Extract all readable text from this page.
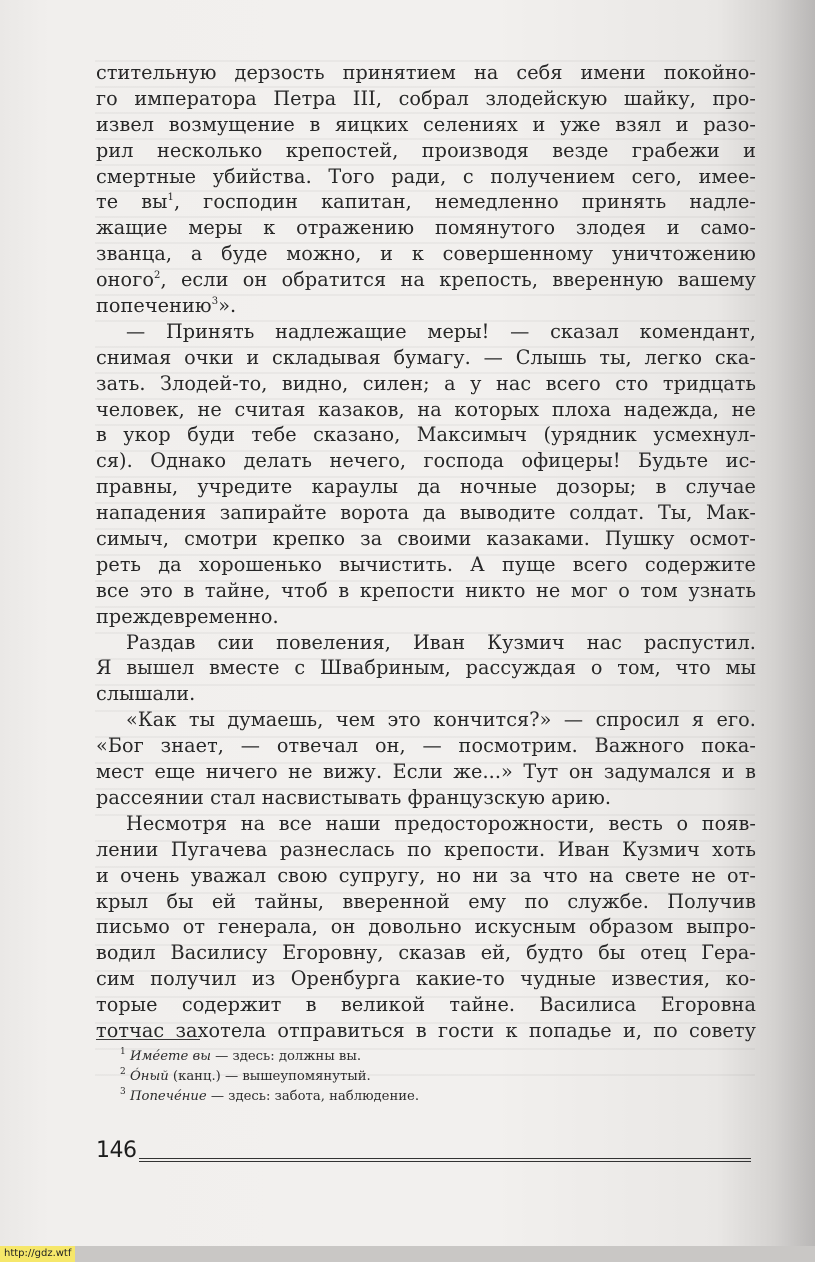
стительную дерзость принятием на себя имени покойно-
го императора Петра III, собрал злодейскую шайку, про-
извел возмущение в яицких селениях и уже взял и разо-
рил несколько крепостей, производя везде грабежи и
смертные убийства. Того ради, с получением сего, имее-
те $вы^1$, господин капитан, немедленно принять надле-
жащие меры к отражению помянутого злодея и само-
званца, а буде можно, и к совершенному уничтожению
оного$^2$, если он обратится на крепость, вверенную вашему
попечению$^3$».
— Принять надлежащие меры! — сказал комендант,
снимая очки и складывая бумагу. — Слышь ты, легко ска-
зать. Злодей-то, видно, силен; а у нас всего сто тридцать
человек, не считая казаков, на которых плоха надежда, не
в укор буди тебе сказано, Максимыч (урядник усмехнул-
ся). Однако делать нечего, господа офицеры! Будьте ис-
правны, учредите караулы да ночные дозоры; в случае
нападения запирайте ворота да выводите солдат. Ты, Мак-
симыч, смотри крепко за своими казаками. Пушку осмот-
реть да хорошенько вычистить. А пуще всего содержите
все это в тайне, чтоб в крепости никто не мог о том узнать
преждевременно.
Раздав сии повеления, Иван Кузмич нас распустил.
Я вышел вместе с Швабриным, рассуждая о том, что мы
слышали.
«Как ты думаешь, чем это кончится?» — спросил я его.
«Бог знает, — отвечал он, — посмотрим. Важного пока-
мест еще ничего не вижу. Если же...» Тут он задумался и в
рассеянии стал насвистывать французскую арию.
Несмотря на все наши предосторожности, весть о появ-
лении Пугачева разнеслась по крепости. Иван Кузмич хоть
и очень уважал свою супругу, но ни за что на свете не от-
крыл бы ей тайны, вверенной ему по службе. Получив
письмо от генерала, он довольно искусным образом выпро-
водил Василису Егоровну, сказав ей, будто бы отец Гера-
сим получил из Оренбурга какие-то чудные известия, ко-
торые содержит в великой тайне. Василиса Егоровна
тотчас захотела отправиться в гости к попадье и, по совету
1 Имéете вы — здесь: должны вы.
2 Óный (канц.) — вышеупомянутый.
3 Попечéние — здесь: забота, наблюдение.
146
http://gdz.wtf
